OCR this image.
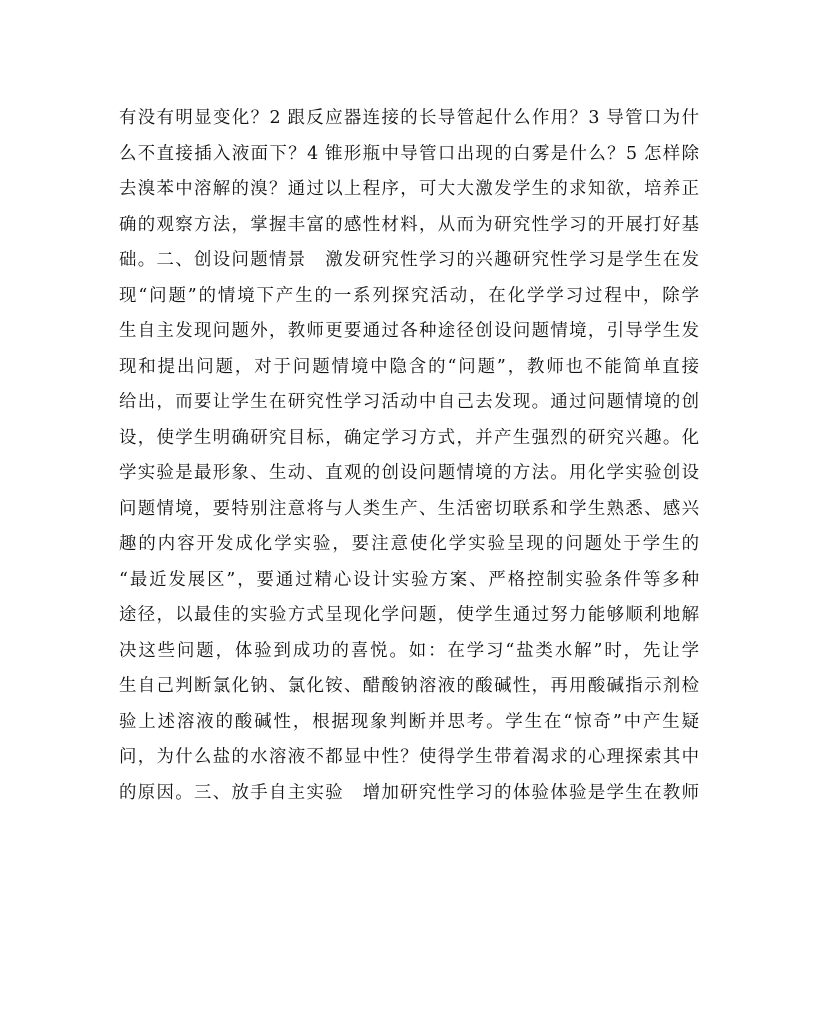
有没有明显变化？2 跟反应器连接的长导管起什么作用？3 导管口为什
么不直接插入液面下？4 锥形瓶中导管口出现的白雾是什么？5 怎样除
去溴苯中溶解的溴？通过以上程序，可大大激发学生的求知欲，培养正
确的观察方法，掌握丰富的感性材料，从而为研究性学习的开展打好基
础。二、创设问题情景　激发研究性学习的兴趣研究性学习是学生在发
现“问题”的情境下产生的一系列探究活动，在化学学习过程中，除学
生自主发现问题外，教师更要通过各种途径创设问题情境，引导学生发
现和提出问题，对于问题情境中隐含的“问题”，教师也不能简单直接
给出，而要让学生在研究性学习活动中自己去发现。通过问题情境的创
设，使学生明确研究目标，确定学习方式，并产生强烈的研究兴趣。化
学实验是最形象、生动、直观的创设问题情境的方法。用化学实验创设
问题情境，要特别注意将与人类生产、生活密切联系和学生熟悉、感兴
趣的内容开发成化学实验，要注意使化学实验呈现的问题处于学生的
“最近发展区”，要通过精心设计实验方案、严格控制实验条件等多种
途径，以最佳的实验方式呈现化学问题，使学生通过努力能够顺利地解
决这些问题，体验到成功的喜悦。如：在学习“盐类水解”时，先让学
生自己判断氯化钠、氯化铵、醋酸钠溶液的酸碱性，再用酸碱指示剂检
验上述溶液的酸碱性，根据现象判断并思考。学生在“惊奇”中产生疑
问，为什么盐的水溶液不都显中性？使得学生带着渴求的心理探索其中
的原因。三、放手自主实验　增加研究性学习的体验体验是学生在教师
